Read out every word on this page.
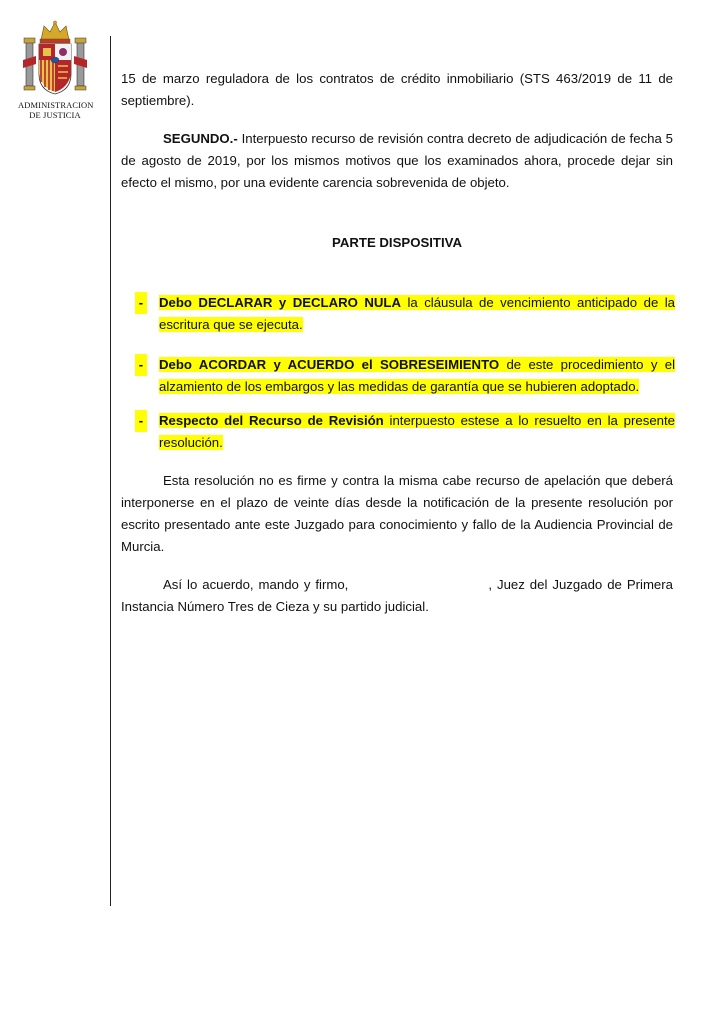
ADMINISTRACION
DE JUSTICIA

15 de marzo reguladora de los contratos de crédito inmobiliario (STS 463/2019 de 11 de septiembre).

SEGUNDO.- Interpuesto recurso de revisión contra decreto de adjudicación de fecha 5 de agosto de 2019, por los mismos motivos que los examinados ahora, procede dejar sin efecto el mismo, por una evidente carencia sobrevenida de objeto.

PARTE DISPOSITIVA
- Debo DECLARAR y DECLARO NULA la cláusula de vencimiento anticipado de la escritura que se ejecuta.
- Debo ACORDAR y ACUERDO el SOBRESEIMIENTO de este procedimiento y el alzamiento de los embargos y las medidas de garantía que se hubieren adoptado.
- Respecto del Recurso de Revisión interpuesto estese a lo resuelto en la presente resolución.

Esta resolución no es firme y contra la misma cabe recurso de apelación que deberá interponerse en el plazo de veinte días desde la notificación de la presente resolución por escrito presentado ante este Juzgado para conocimiento y fallo de la Audiencia Provincial de Murcia.

Así lo acuerdo, mando y firmo,	, Juez del Juzgado de Primera Instancia Número Tres de Cieza y su partido judicial.
